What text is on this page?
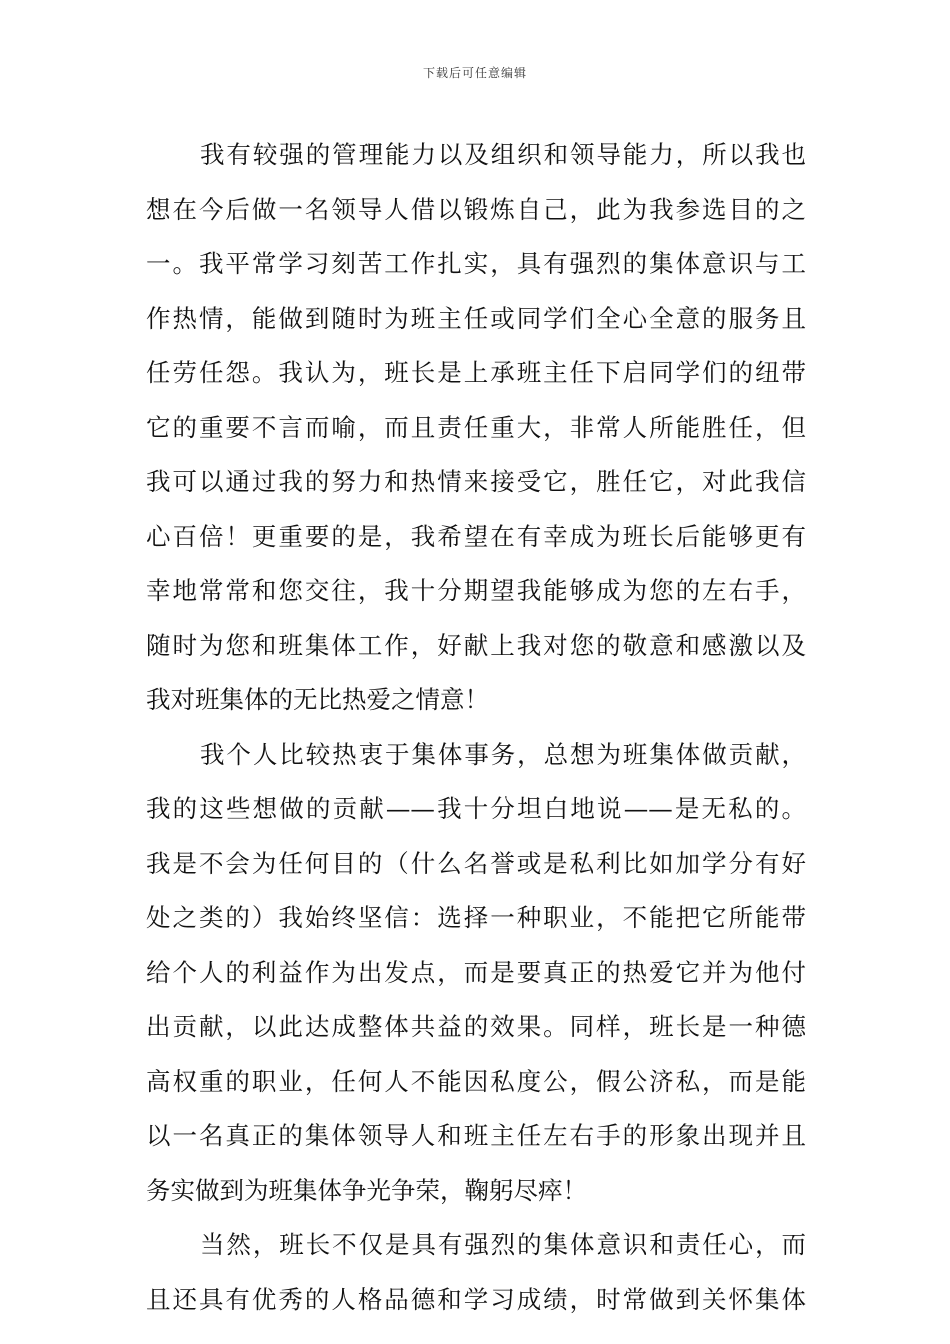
下载后可任意编辑
我有较强的管理能力以及组织和领导能力，所以我也
想在今后做一名领导人借以锻炼自己，此为我参选目的之
一。我平常学习刻苦工作扎实，具有强烈的集体意识与工
作热情，能做到随时为班主任或同学们全心全意的服务且
任劳任怨。我认为，班长是上承班主任下启同学们的纽带
它的重要不言而喻，而且责任重大，非常人所能胜任，但
我可以通过我的努力和热情来接受它，胜任它，对此我信
心百倍！更重要的是，我希望在有幸成为班长后能够更有
幸地常常和您交往，我十分期望我能够成为您的左右手，
随时为您和班集体工作，好献上我对您的敬意和感激以及
我对班集体的无比热爱之情意！
我个人比较热衷于集体事务，总想为班集体做贡献，
我的这些想做的贡献——我十分坦白地说——是无私的。
我是不会为任何目的（什么名誉或是私利比如加学分有好
处之类的）我始终坚信：选择一种职业，不能把它所能带
给个人的利益作为出发点，而是要真正的热爱它并为他付
出贡献，以此达成整体共益的效果。同样，班长是一种德
高权重的职业，任何人不能因私度公，假公济私，而是能
以一名真正的集体领导人和班主任左右手的形象出现并且
务实做到为班集体争光争荣，鞠躬尽瘁！
当然，班长不仅是具有强烈的集体意识和责任心，而
且还具有优秀的人格品德和学习成绩，时常做到关怀集体
